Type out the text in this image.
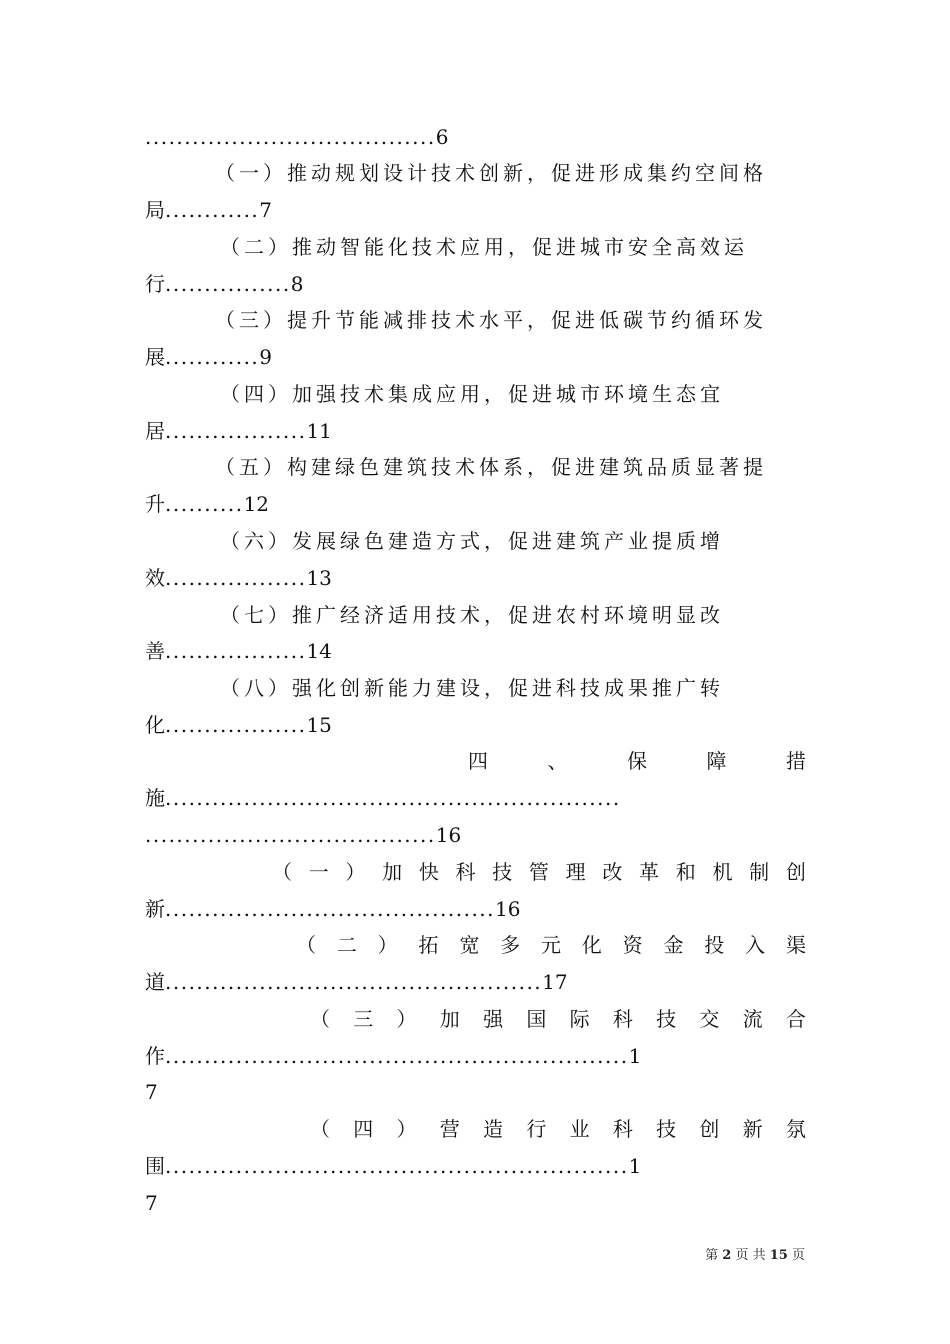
.....................................6
（一）推动规划设计技术创新，促进形成集约空间格
局............7
（二）推动智能化技术应用，促进城市安全高效运
行................8
（三）提升节能减排技术水平，促进低碳节约循环发
展............9
（四）加强技术集成应用，促进城市环境生态宜
居..................11
（五）构建绿色建筑技术体系，促进建筑品质显著提
升..........12
（六）发展绿色建造方式，促进建筑产业提质增
效..................13
（七）推广经济适用技术，促进农村环境明显改
善..................14
（八）强化创新能力建设，促进科技成果推广转
化..................15
四	、	保	障	措
施..........................................................
.....................................16
（ 一 ） 加 快 科 技 管 理 改 革 和 机 制 创
新..........................................16
（ 二 ） 拓 宽 多 元 化 资 金 投 入 渠
道................................................17
（ 三 ） 加 强 国 际 科 技 交 流 合
作...........................................................1
7
（ 四 ） 营 造 行 业 科 技 创 新 氛
围...........................................................1
7
第 2 页 共 15 页
